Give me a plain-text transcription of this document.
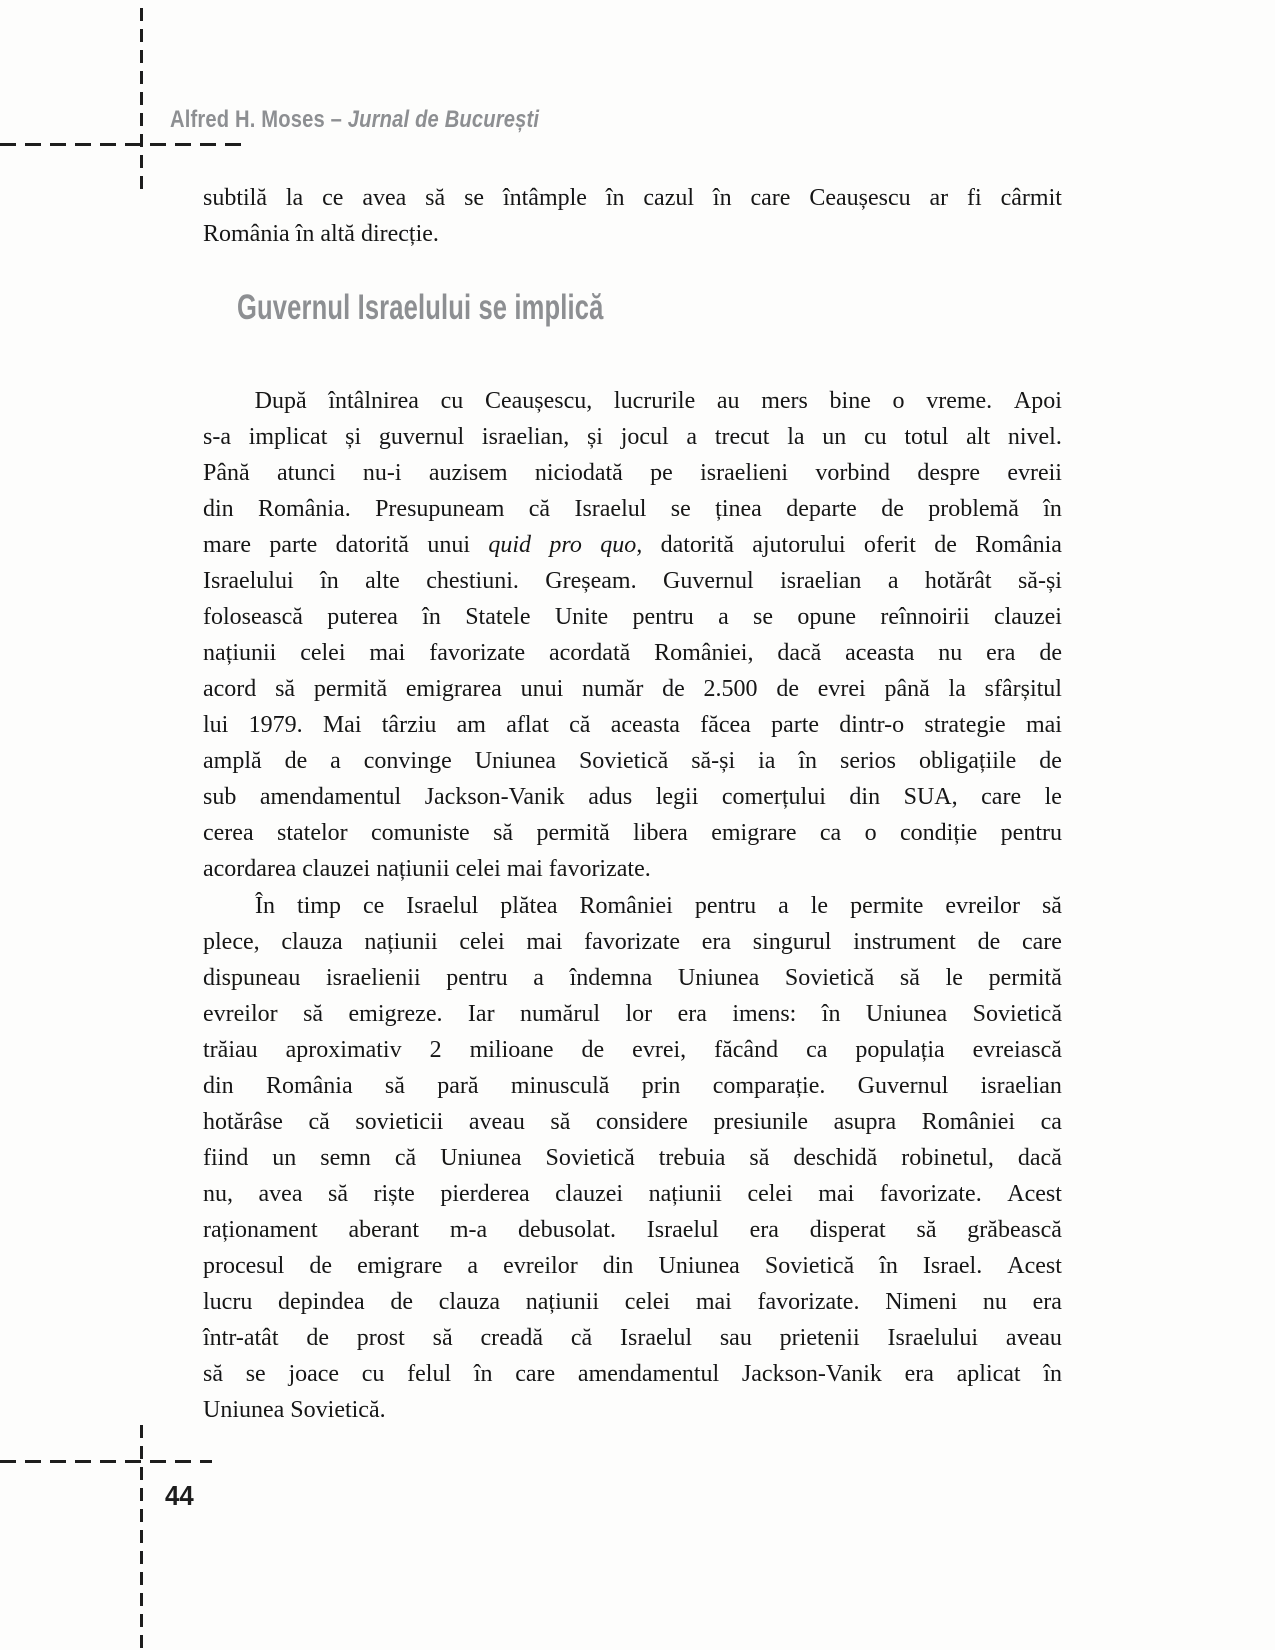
Alfred H. Moses – Jurnal de București
Guvernul Israelului se implică
subtilă la ce avea să se întâmple în cazul în care Ceaușescu ar fi cârmit
România în altă direcție.
După întâlnirea cu Ceaușescu, lucrurile au mers bine o vreme. Apoi
s-a implicat și guvernul israelian, și jocul a trecut la un cu totul alt nivel.
Până atunci nu-i auzisem niciodată pe israelieni vorbind despre evreii
din România. Presupuneam că Israelul se ținea departe de problemă în
mare parte datorită unui quid pro quo, datorită ajutorului oferit de România
Israelului în alte chestiuni. Greșeam. Guvernul israelian a hotărât să-și
folosească puterea în Statele Unite pentru a se opune reînnoirii clauzei
națiunii celei mai favorizate acordată României, dacă aceasta nu era de
acord să permită emigrarea unui număr de 2.500 de evrei până la sfârșitul
lui 1979. Mai târziu am aflat că aceasta făcea parte dintr-o strategie mai
amplă de a convinge Uniunea Sovietică să-și ia în serios obligațiile de
sub amendamentul Jackson-Vanik adus legii comerțului din SUA, care le
cerea statelor comuniste să permită libera emigrare ca o condiție pentru
acordarea clauzei națiunii celei mai favorizate.
În timp ce Israelul plătea României pentru a le permite evreilor să
plece, clauza națiunii celei mai favorizate era singurul instrument de care
dispuneau israelienii pentru a îndemna Uniunea Sovietică să le permită
evreilor să emigreze. Iar numărul lor era imens: în Uniunea Sovietică
trăiau aproximativ 2 milioane de evrei, făcând ca populația evreiască
din România să pară minusculă prin comparație. Guvernul israelian
hotărâse că sovieticii aveau să considere presiunile asupra României ca
fiind un semn că Uniunea Sovietică trebuia să deschidă robinetul, dacă
nu, avea să riște pierderea clauzei națiunii celei mai favorizate. Acest
raționament aberant m-a debusolat. Israelul era disperat să grăbească
procesul de emigrare a evreilor din Uniunea Sovietică în Israel. Acest
lucru depindea de clauza națiunii celei mai favorizate. Nimeni nu era
într-atât de prost să creadă că Israelul sau prietenii Israelului aveau
să se joace cu felul în care amendamentul Jackson-Vanik era aplicat în
Uniunea Sovietică.
44
